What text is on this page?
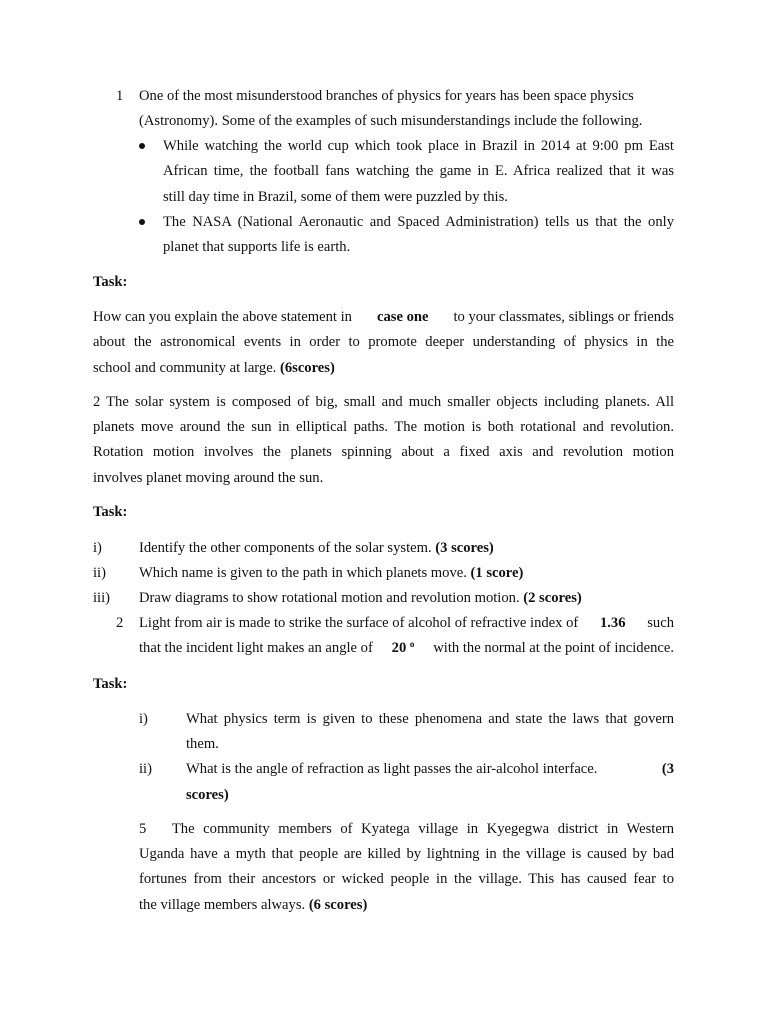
1 One of the most misunderstood branches of physics for years has been space physics
(Astronomy). Some of the examples of such misunderstandings include the following.
While watching the world cup which took place in Brazil in 2014 at 9:00 pm East
African time, the football fans watching the game in E. Africa realized that it was
still day time in Brazil, some of them were puzzled by this.
The NASA (National Aeronautic and Spaced Administration) tells us that the only
planet that supports life is earth.
Task:
How can you explain the above statement in case one to your classmates, siblings or friends
about the astronomical events in order to promote deeper understanding of physics in the
school and community at large. (6scores)
2 The solar system is composed of big, small and much smaller objects including planets. All
planets move around the sun in elliptical paths. The motion is both rotational and revolution.
Rotation motion involves the planets spinning about a fixed axis and revolution motion
involves planet moving around the sun.
Task:
i)	Identify the other components of the solar system. (3 scores)
ii) Which name is given to the path in which planets move. (1 score)
iii) Draw diagrams to show rotational motion and revolution motion. (2 scores)
2 Light from air is made to strike the surface of alcohol of refractive index of 1.36 such
that the incident light makes an angle of 20 $^o$ with the normal at the point of incidence.
Task:
i)	What physics term is given to these phenomena and state the laws that govern
them.
ii) What is the angle of refraction as light passes the air-alcohol interface.	(3
scores)
5   The community members of Kyatega village in Kyegegwa district in Western
Uganda have a myth that people are killed by lightning in the village is caused by bad
fortunes from their ancestors or wicked people in the village. This has caused fear to
the village members always. (6 scores)
